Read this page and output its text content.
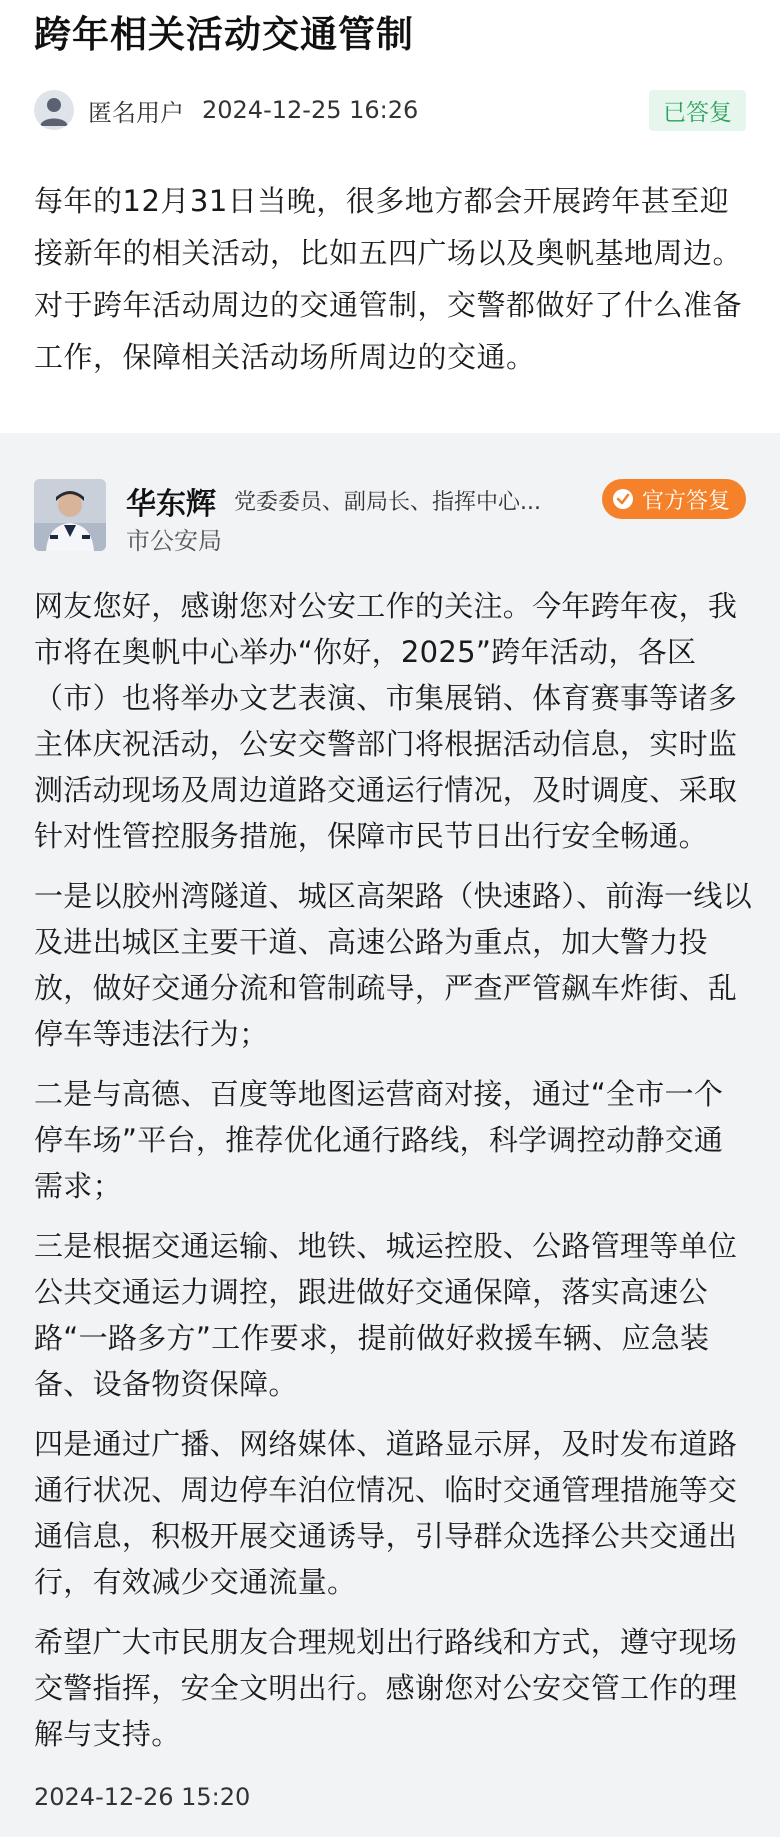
跨年相关活动交通管制
匿名用户 2024-12-25 16:26	已答复
每年的12月31日当晚，很多地方都会开展跨年甚至迎接新年的相关活动，比如五四广场以及奥帆基地周边。对于跨年活动周边的交通管制，交警都做好了什么准备工作，保障相关活动场所周边的交通。
华东辉 党委委员、副局长、指挥中心...
市公安局
官方答复

网友您好，感谢您对公安工作的关注。今年跨年夜，我市将在奥帆中心举办“你好，2025”跨年活动，各区（市）也将举办文艺表演、市集展销、体育赛事等诸多主体庆祝活动，公安交警部门将根据活动信息，实时监测活动现场及周边道路交通运行情况，及时调度、采取针对性管控服务措施，保障市民节日出行安全畅通。

一是以胶州湾隧道、城区高架路（快速路）、前海一线以及进出城区主要干道、高速公路为重点，加大警力投放，做好交通分流和管制疏导，严查严管飙车炸街、乱停车等违法行为；

二是与高德、百度等地图运营商对接，通过“全市一个停车场”平台，推荐优化通行路线，科学调控动静交通需求；

三是根据交通运输、地铁、城运控股、公路管理等单位公共交通运力调控，跟进做好交通保障，落实高速公路“一路多方”工作要求，提前做好救援车辆、应急装备、设备物资保障。

四是通过广播、网络媒体、道路显示屏，及时发布道路通行状况、周边停车泊位情况、临时交通管理措施等交通信息，积极开展交通诱导，引导群众选择公共交通出行，有效减少交通流量。

希望广大市民朋友合理规划出行路线和方式，遵守现场交警指挥，安全文明出行。感谢您对公安交管工作的理解与支持。

2024-12-26 15:20
